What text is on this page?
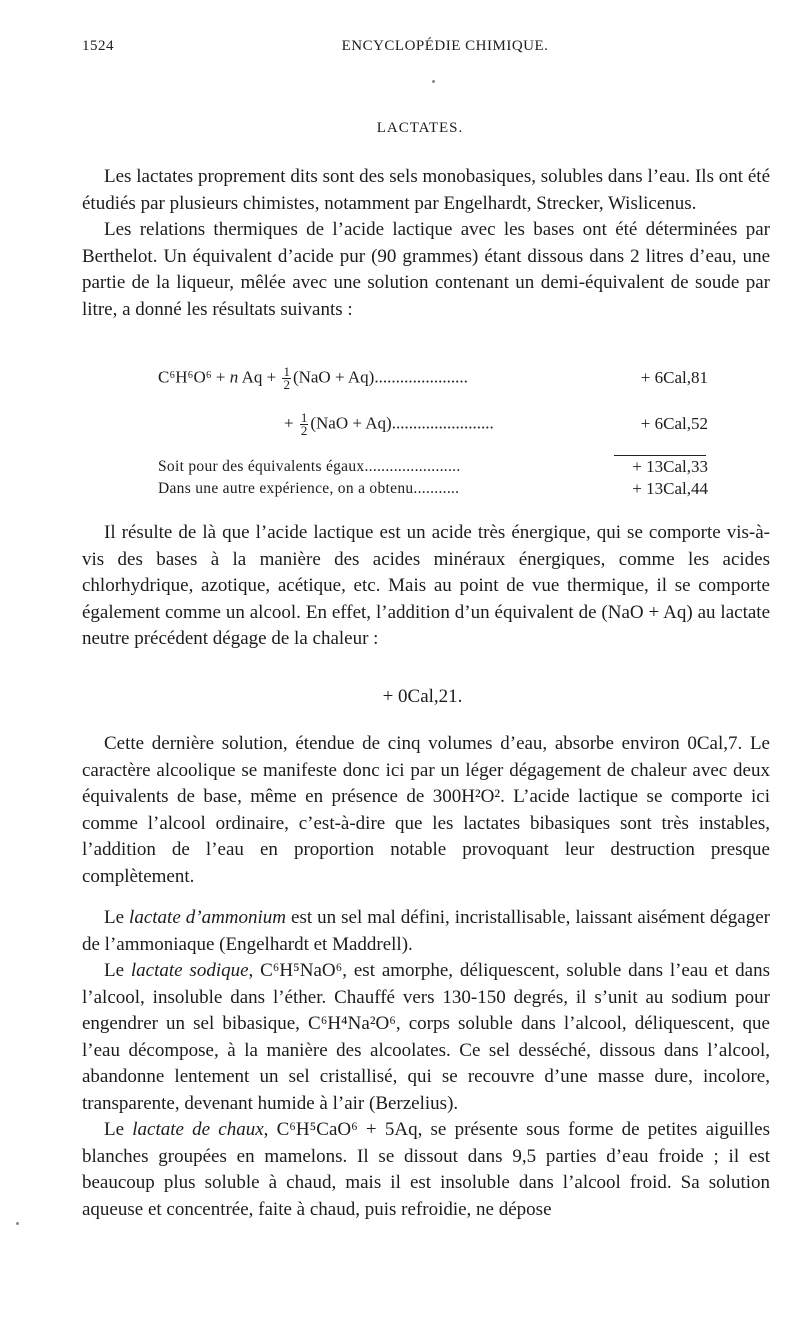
1524	ENCYCLOPÉDIE CHIMIQUE.
LACTATES.

Les lactates proprement dits sont des sels monobasiques, solubles dans l’eau. Ils ont été étudiés par plusieurs chimistes, notamment par Engelhardt, Strecker, Wislicenus.

Les relations thermiques de l’acide lactique avec les bases ont été déterminées par Berthelot. Un équivalent d’acide pur (90 grammes) étant dissous dans 2 litres d’eau, une partie de la liqueur, mêlée avec une solution contenant un demi-équivalent de soude par litre, a donné les résultats suivants :

C⁶H⁶O⁶ + n $Aq + \frac{1}{2} (NaO + Aq)$......................	+ 6Cal,81
+ $\frac{1}{2} (NaO + Aq)$........................	+ 6Cal,52
Soit pour des équivalents égaux.......................	+ 13Cal,33
Dans une autre expérience, on a obtenu...........	+ 13Cal,44

Il résulte de là que l’acide lactique est un acide très énergique, qui se comporte vis-à-vis des bases à la manière des acides minéraux énergiques, comme les acides chlorhydrique, azotique, acétique, etc. Mais au point de vue thermique, il se comporte également comme un alcool. En effet, l’addition d’un équivalent de (NaO + Aq) au lactate neutre précédent dégage de la chaleur :

+ 0Cal,21.

Cette dernière solution, étendue de cinq volumes d’eau, absorbe environ 0Cal,7. Le caractère alcoolique se manifeste donc ici par un léger dégagement de chaleur avec deux équivalents de base, même en présence de 300H²O². L’acide lactique se comporte ici comme l’alcool ordinaire, c’est-à-dire que les lactates bibasiques sont très instables, l’addition de l’eau en proportion notable provoquant leur destruction presque complètement.

Le lactate d’ammonium est un sel mal défini, incristallisable, laissant aisément dégager de l’ammoniaque (Engelhardt et Maddrell).

Le lactate sodique, C⁶H⁵NaO⁶, est amorphe, déliquescent, soluble dans l’eau et dans l’alcool, insoluble dans l’éther. Chauffé vers 130-150 degrés, il s’unit au sodium pour engendrer un sel bibasique, C⁶H⁴Na²O⁶, corps soluble dans l’alcool, déliquescent, que l’eau décompose, à la manière des alcoolates. Ce sel desséché, dissous dans l’alcool, abandonne lentement un sel cristallisé, qui se recouvre d’une masse dure, incolore, transparente, devenant humide à l’air (Berzelius).

Le lactate de chaux, C⁶H⁵CaO⁶ + 5Aq, se présente sous forme de petites aiguilles blanches groupées en mamelons. Il se dissout dans 9,5 parties d’eau froide ; il est beaucoup plus soluble à chaud, mais il est insoluble dans l’alcool froid. Sa solution aqueuse et concentrée, faite à chaud, puis refroidie, ne dépose
